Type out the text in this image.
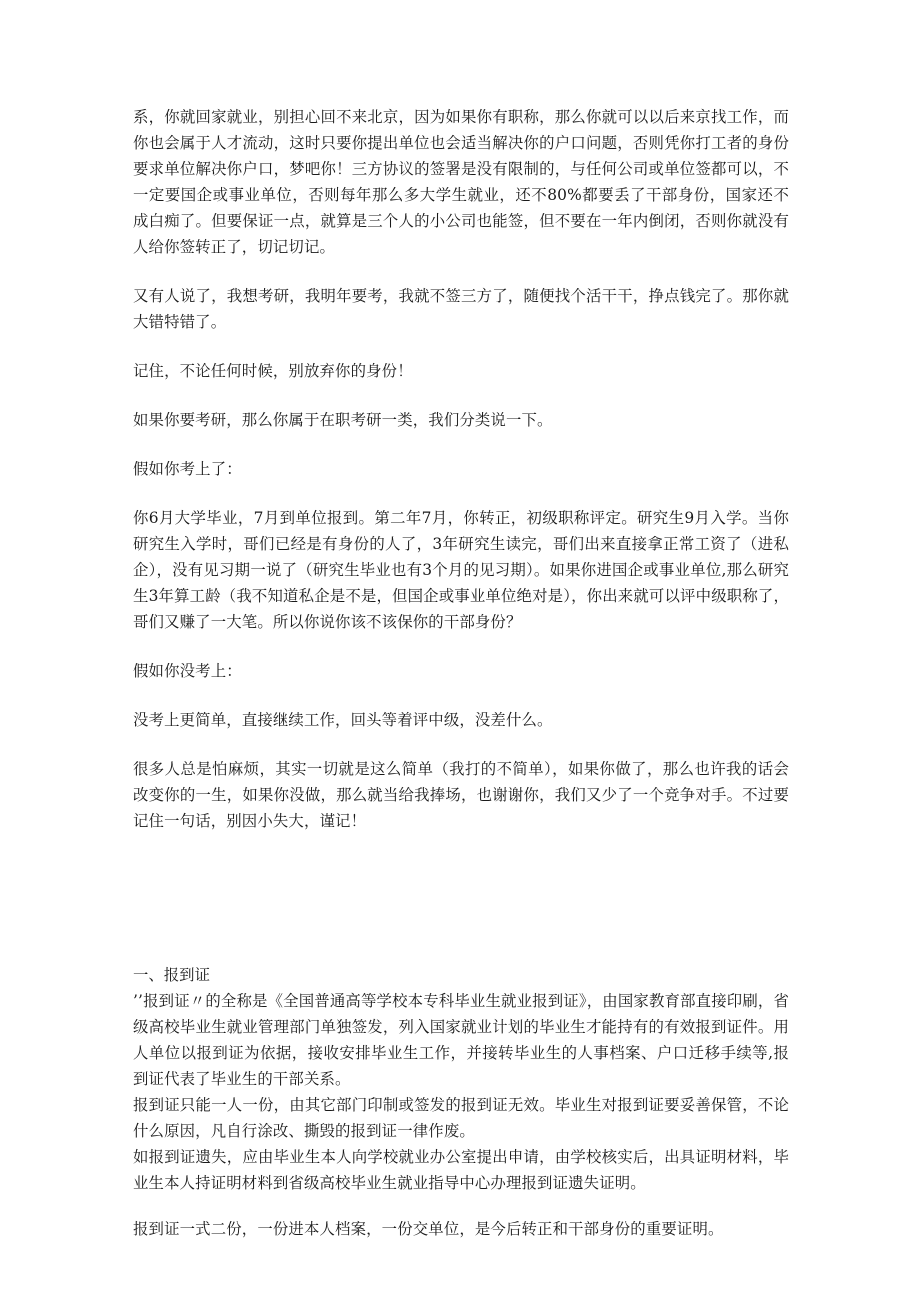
系，你就回家就业，别担心回不来北京，因为如果你有职称，那么你就可以以后来京找工作，而你也会属于人才流动，这时只要你提出单位也会适当解决你的户口问题，否则凭你打工者的身份要求单位解决你户口，梦吧你！三方协议的签署是没有限制的，与任何公司或单位签都可以，不一定要国企或事业单位，否则每年那么多大学生就业，还不80%都要丢了干部身份，国家还不成白痴了。但要保证一点，就算是三个人的小公司也能签，但不要在一年内倒闭，否则你就没有人给你签转正了，切记切记。

又有人说了，我想考研，我明年要考，我就不签三方了，随便找个活干干，挣点钱完了。那你就大错特错了。

记住，不论任何时候，别放弃你的身份！

如果你要考研，那么你属于在职考研一类，我们分类说一下。

假如你考上了：

你6月大学毕业，7月到单位报到。第二年7月，你转正，初级职称评定。研究生9月入学。当你研究生入学时，哥们已经是有身份的人了，3年研究生读完，哥们出来直接拿正常工资了（进私企），没有见习期一说了（研究生毕业也有3个月的见习期）。如果你进国企或事业单位,那么研究生3年算工龄（我不知道私企是不是，但国企或事业单位绝对是），你出来就可以评中级职称了，哥们又赚了一大笔。所以你说你该不该保你的干部身份？

假如你没考上：

没考上更简单，直接继续工作，回头等着评中级，没差什么。

很多人总是怕麻烦，其实一切就是这么简单（我打的不简单），如果你做了，那么也许我的话会改变你的一生，如果你没做，那么就当给我捧场，也谢谢你，我们又少了一个竞争对手。不过要记住一句话，别因小失大，谨记！

一、报到证

’’报到证〃的全称是《全国普通高等学校本专科毕业生就业报到证》，由国家教育部直接印刷，省级高校毕业生就业管理部门单独签发，列入国家就业计划的毕业生才能持有的有效报到证件。用人单位以报到证为依据，接收安排毕业生工作，并接转毕业生的人事档案、户口迁移手续等,报到证代表了毕业生的干部关系。

报到证只能一人一份，由其它部门印制或签发的报到证无效。毕业生对报到证要妥善保管，不论什么原因，凡自行涂改、撕毁的报到证一律作废。

如报到证遗失，应由毕业生本人向学校就业办公室提出申请，由学校核实后，出具证明材料，毕业生本人持证明材料到省级高校毕业生就业指导中心办理报到证遗失证明。

报到证一式二份，一份进本人档案，一份交单位，是今后转正和干部身份的重要证明。
